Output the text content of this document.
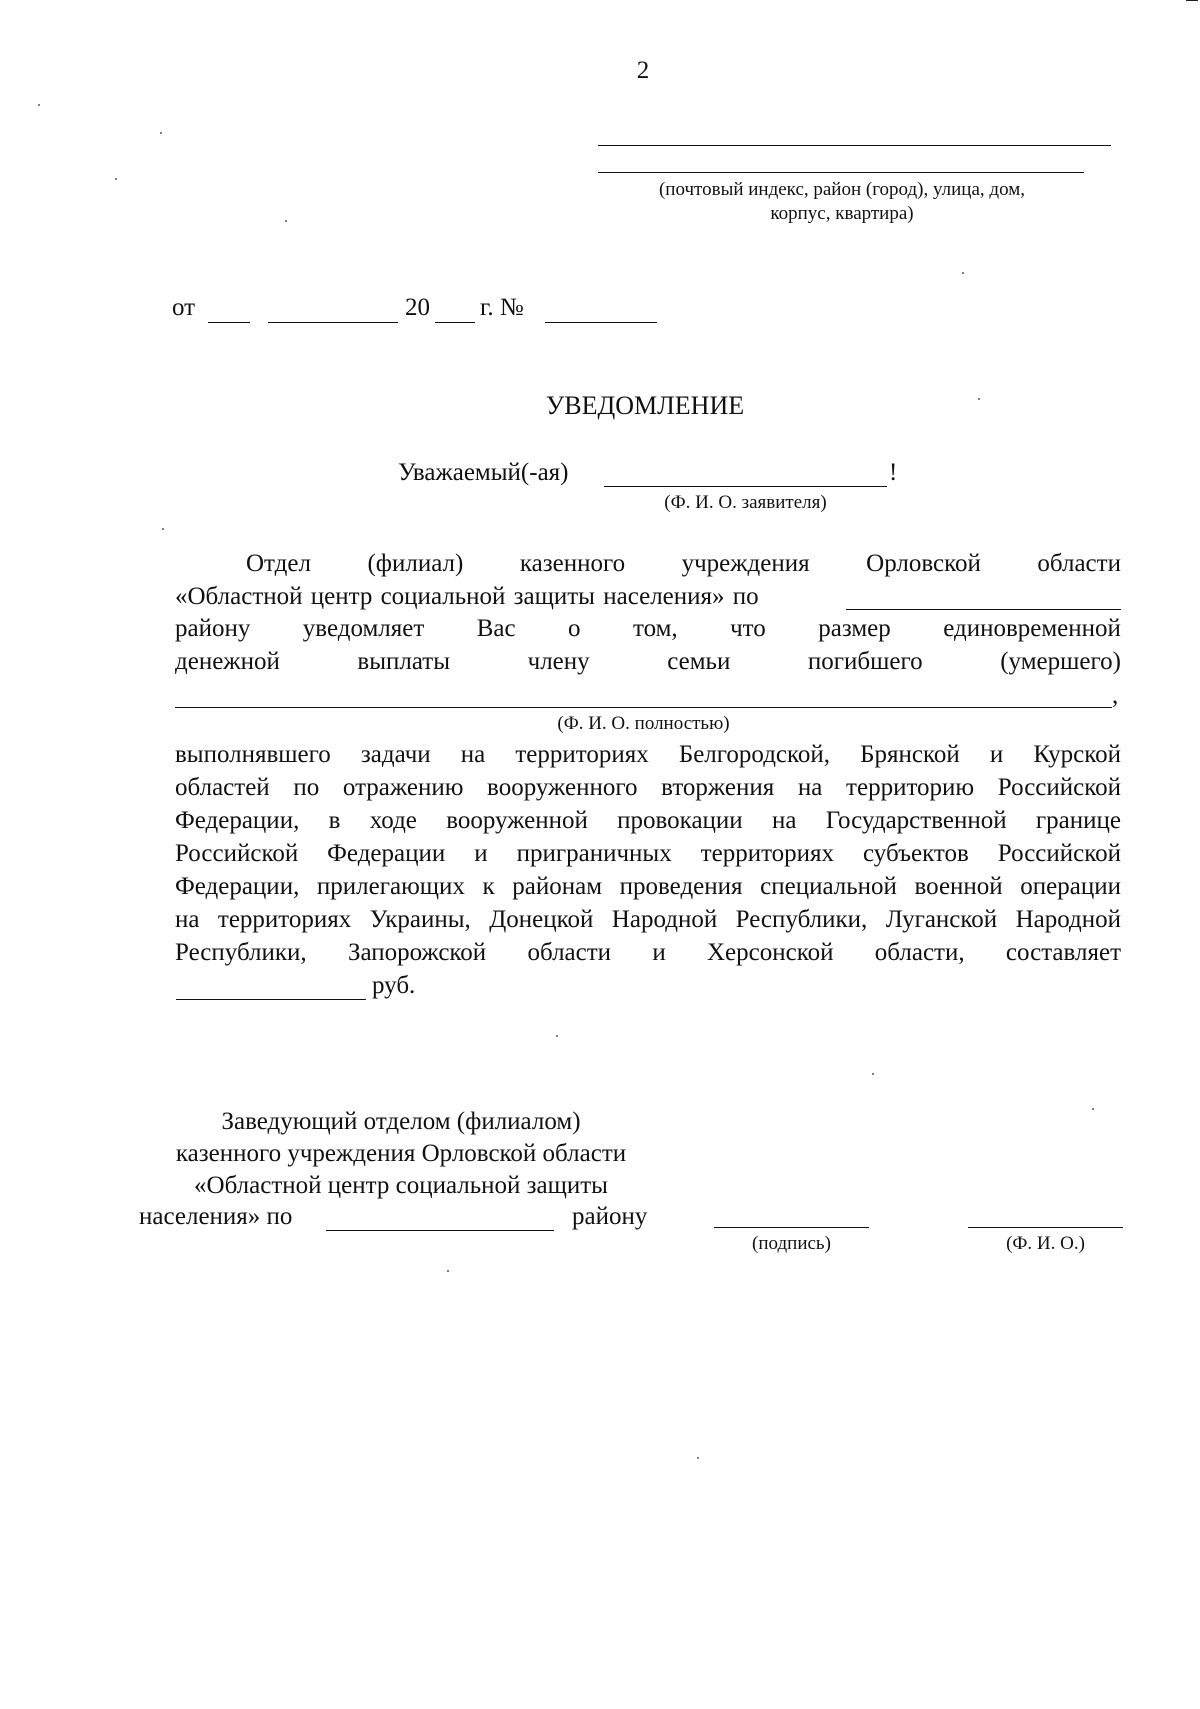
2
(почтовый индекс, район (город), улица, дом,
корпус, квартира)
от	20 г. №
УВЕДОМЛЕНИЕ
Уважаемый(-ая)	!
(Ф. И. О. заявителя)
Отдел (филиал) казенного учреждения Орловской области
«Областной центр социальной защиты населения» по
району уведомляет Вас о том, что размер единовременной
денежной	выплаты	члену	семьи	погибшего	(умершего)
,
(Ф. И. О. полностью)
выполнявшего задачи на территориях Белгородской, Брянской и Курской
областей по отражению вооруженного вторжения на территорию Российской
Федерации, в ходе вооруженной провокации на Государственной границе
Российской Федерации и приграничных территориях субъектов Российской
Федерации, прилегающих к районам проведения специальной военной операции
на территориях Украины, Донецкой Народной Республики, Луганской Народной
Республики, Запорожской области и Херсонской области, составляет
руб.
Заведующий отделом (филиалом)
казенного учреждения Орловской области
«Областной центр социальной защиты
населения» по	району
(подпись)	(Ф. И. О.)
